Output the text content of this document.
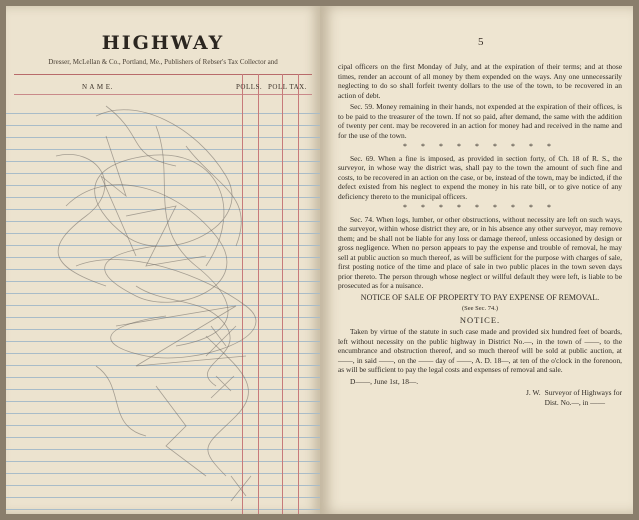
HIGHWAY
Dresser, McLellan & Co., Portland, Me., Publishers of Rebser's Tax Collector and
N A M E.	POLLS. POLL TAX.
5

cipal officers on the first Monday of July, and at the expiration of their terms; and at those times, render an account of all money by them expended on the ways. Any one unnecessarily neglecting to do so shall forfeit twenty dollars to the use of the town, to be recovered in an action of debt.

Sec. 59. Money remaining in their hands, not expended at the expiration of their offices, is to be paid to the treasurer of the town. If not so paid, after demand, the same with the addition of twenty per cent. may be recovered in an action for money had and received in the name and for the use of the town.

* * * * * * * * *

Sec. 69. When a fine is imposed, as provided in section forty, of Ch. 18 of R. S., the surveyor, in whose way the district was, shall pay to the town the amount of such fine and costs, to be recovered in an action on the case, or be, instead of the town, may be indicted, if the defect existed from his neglect to expend the money in his rate bill, or to give notice of any deficiency thereto to the municipal officers.

* * * * * * * * *

Sec. 74. When logs, lumber, or other obstructions, without necessity are left on such ways, the surveyor, within whose district they are, or in his absence any other surveyor, may remove them; and be shall not be liable for any loss or damage thereof, unless occasioned by design or gross negligence. When no person appears to pay the expense and trouble of removal, he may sell at public auction so much thereof, as will be sufficient for the purpose with charges of sale, first posting notice of the time and place of sale in two public places in the town seven days prior thereto. The person through whose neglect or willful default they were left, is liable to be prosecuted as for a nuisance.

NOTICE OF SALE OF PROPERTY TO PAY EXPENSE OF REMOVAL.

(See Sec. 74.)

NOTICE.

Taken by virtue of the statute in such case made and provided six hundred feet of boards, left without necessity on the public highway in District No.—, in the town of ——, to the encumbrance and obstruction thereof, and so much thereof will be sold at public auction, at ——, in said ——, on the —— day of ——, A. D. 18—, at ten of the o'clock in the forenoon, as will be sufficient to pay the legal costs and expenses of removal and sale.

D——, June 1st, 18—.

J. W. Surveyor of Highways for
Dist. No.—, in ——
